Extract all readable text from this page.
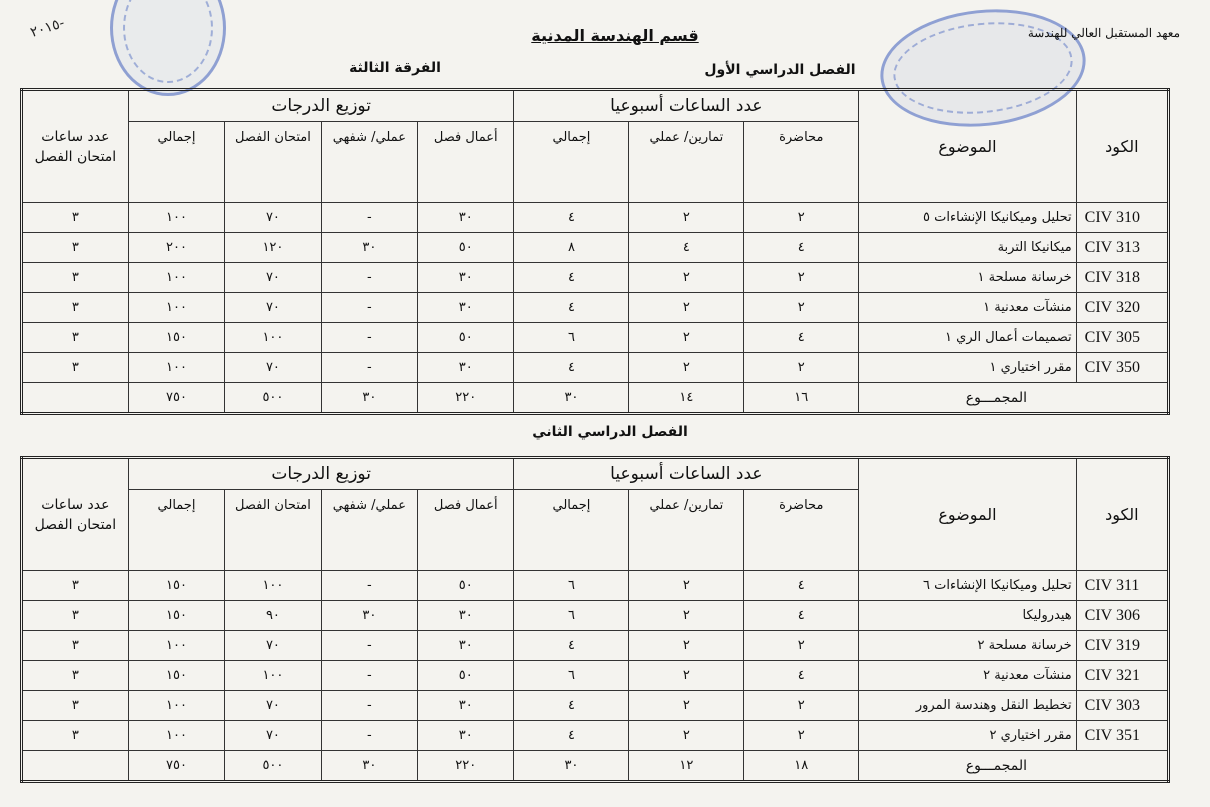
٢٠١٥-
معهد المستقبل العالي للهندسة
قسم الهندسة المدنية
الفرقة الثالثة	الفصل الدراسي الأول
الفصل الدراسي الثاني
الكود	الموضوع	عدد الساعات أسبوعيا			توزيع الدرجات				عدد ساعات امتحان الفصل
		محاضرة	تمارين/ عملي	إجمالي	أعمال فصل	عملي/ شفهي	امتحان الفصل	إجمالي	
CIV 310	تحليل وميكانيكا الإنشاءات ٥	٢	٢	٤	٣٠	-	٧٠	١٠٠	٣
CIV 313	ميكانيكا التربة	٤	٤	٨	٥٠	٣٠	١٢٠	٢٠٠	٣
CIV 318	خرسانة مسلحة ١	٢	٢	٤	٣٠	-	٧٠	١٠٠	٣
CIV 320	منشآت معدنية ١	٢	٢	٤	٣٠	-	٧٠	١٠٠	٣
CIV 305	تصميمات أعمال الري ١	٤	٢	٦	٥٠	-	١٠٠	١٥٠	٣
CIV 350	مقرر اختياري ١	٢	٢	٤	٣٠	-	٧٠	١٠٠	٣
المجمـــوع		١٦	١٤	٣٠	٢٢٠	٣٠	٥٠٠	٧٥٠	
الكود	الموضوع	عدد الساعات أسبوعيا			توزيع الدرجات				عدد ساعات امتحان الفصل
		محاضرة	تمارين/ عملي	إجمالي	أعمال فصل	عملي/ شفهي	امتحان الفصل	إجمالي	
CIV 311	تحليل وميكانيكا الإنشاءات ٦	٤	٢	٦	٥٠	-	١٠٠	١٥٠	٣
CIV 306	هيدروليكا	٤	٢	٦	٣٠	٣٠	٩٠	١٥٠	٣
CIV 319	خرسانة مسلحة ٢	٢	٢	٤	٣٠	-	٧٠	١٠٠	٣
CIV 321	منشآت معدنية ٢	٤	٢	٦	٥٠	-	١٠٠	١٥٠	٣
CIV 303	تخطيط النقل وهندسة المرور	٢	٢	٤	٣٠	-	٧٠	١٠٠	٣
CIV 351	مقرر اختياري ٢	٢	٢	٤	٣٠	-	٧٠	١٠٠	٣
المجمـــوع		١٨	١٢	٣٠	٢٢٠	٣٠	٥٠٠	٧٥٠	
